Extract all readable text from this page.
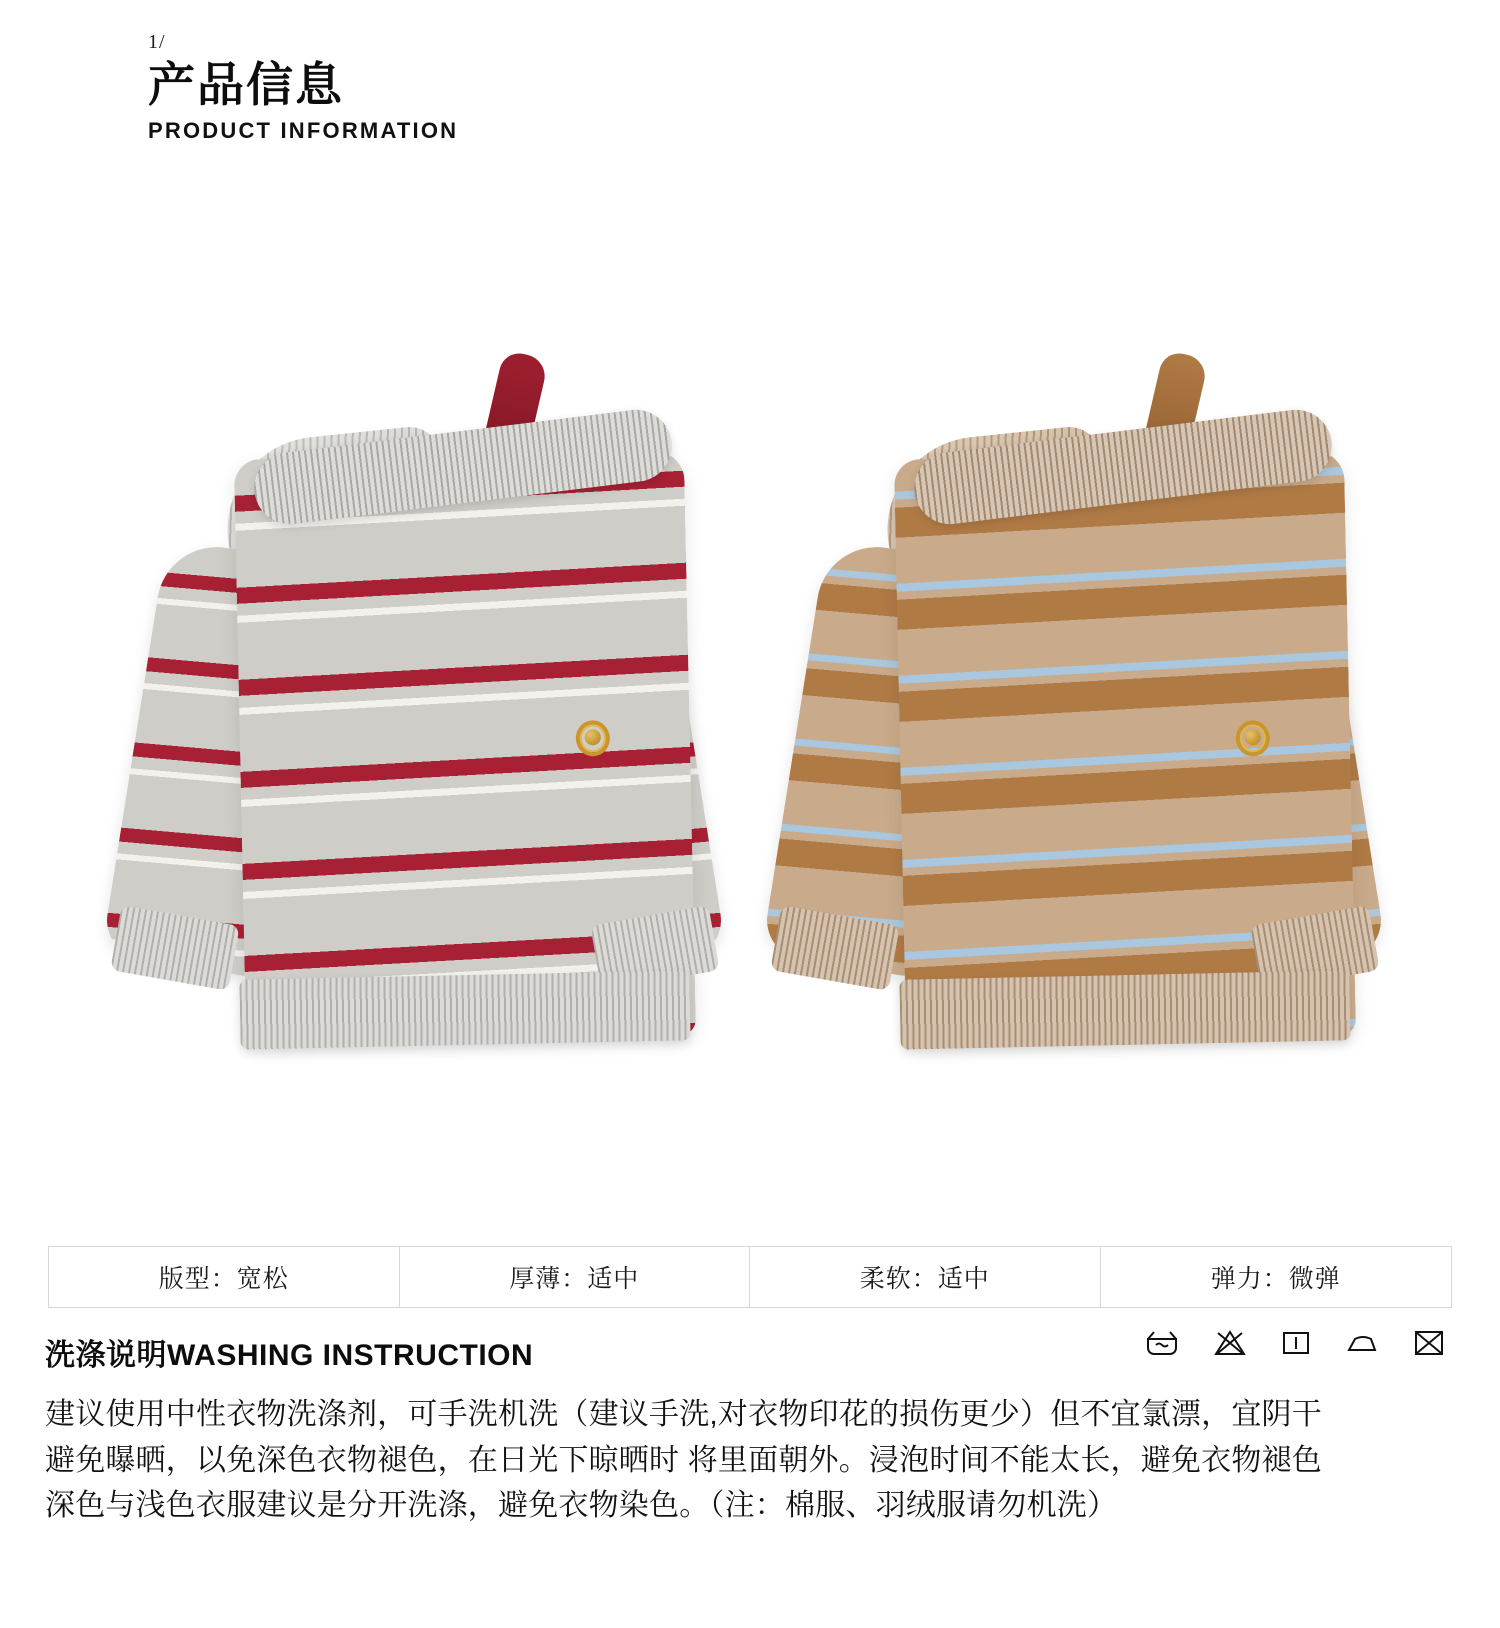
1/
产品信息
PRODUCT INFORMATION
版型： 宽松	厚薄： 适中	柔软： 适中	弹力： 微弹
洗涤说明WASHING INSTRUCTION

建议使用中性衣物洗涤剂，可手洗机洗（建议手洗,对衣物印花的损伤更少）但不宜氯漂，宜阴干

避免曝晒，以免深色衣物褪色，在日光下晾晒时 将里面朝外。浸泡时间不能太长，避免衣物褪色

深色与浅色衣服建议是分开洗涤，避免衣物染色。（注：棉服、羽绒服请勿机洗）
